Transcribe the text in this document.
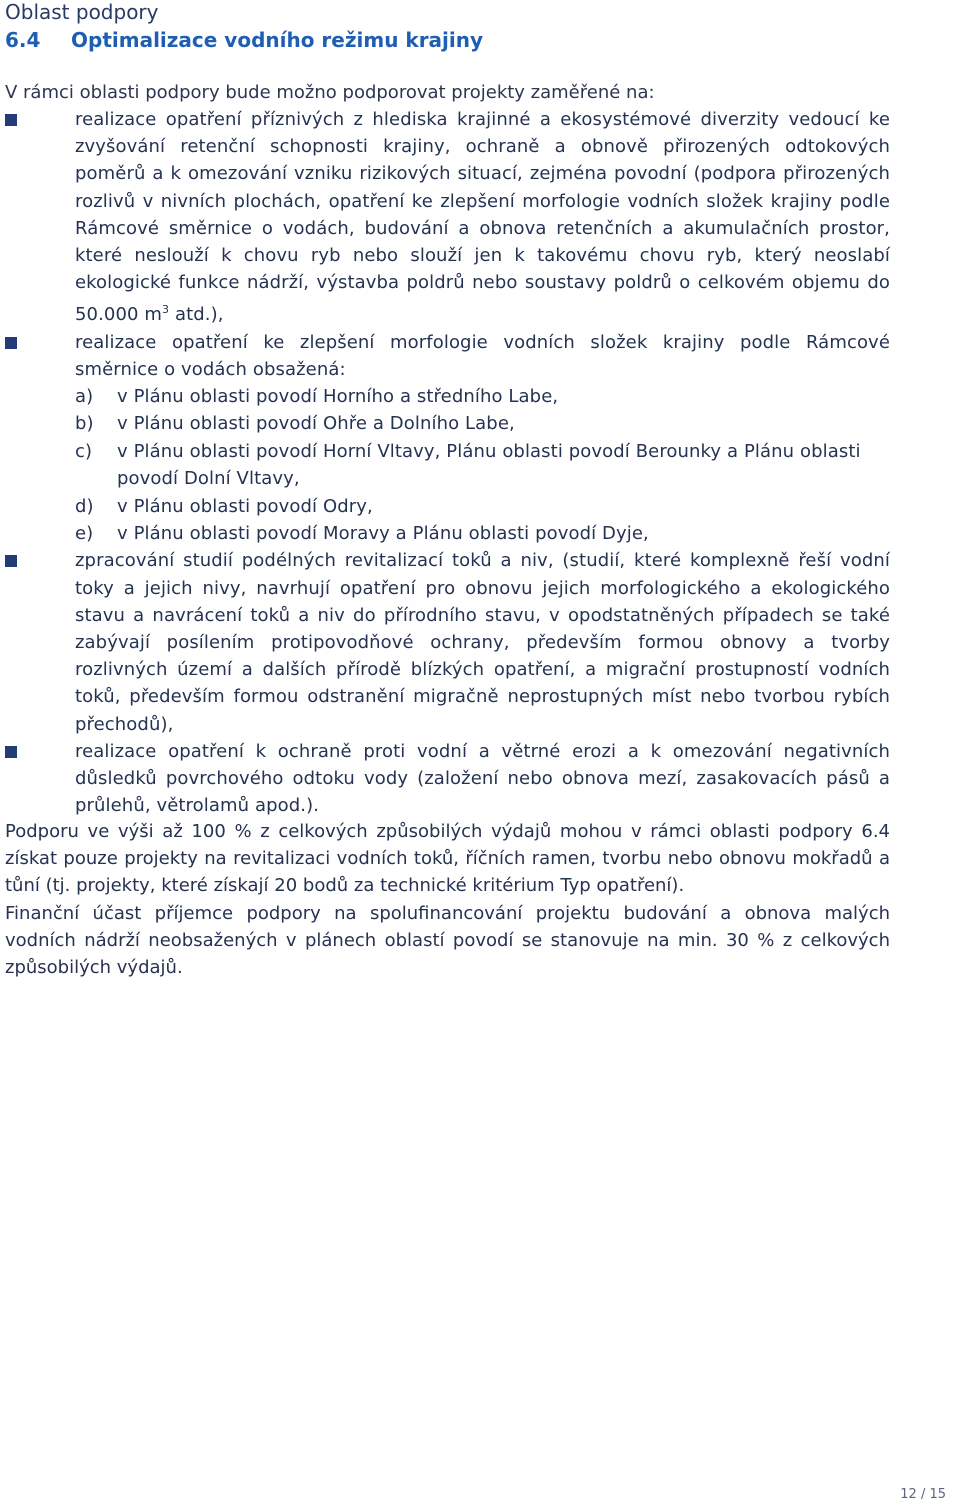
Oblast podpory

6.4	Optimalizace vodního režimu krajiny

V rámci oblasti podpory bude možno podporovat projekty zaměřené na:

realizace opatření příznivých z hlediska krajinné a ekosystémové diverzity vedoucí ke zvyšování retenční schopnosti krajiny, ochraně a obnově přirozených odtokových poměrů a k omezování vzniku rizikových situací, zejména povodní (podpora přirozených rozlivů v nivních plochách, opatření ke zlepšení morfologie vodních složek krajiny podle Rámcové směrnice o vodách, budování a obnova retenčních a akumulačních prostor, které neslouží k chovu ryb nebo slouží jen k takovému chovu ryb, který neoslabí ekologické funkce nádrží, výstavba poldrů nebo soustavy poldrů o celkovém objemu do 50.000 $m^3$ atd.),
realizace opatření ke zlepšení morfologie vodních složek krajiny podle Rámcové směrnice o vodách obsažená:
a) v Plánu oblasti povodí Horního a středního Labe,
b) v Plánu oblasti povodí Ohře a Dolního Labe,
c) v Plánu oblasti povodí Horní Vltavy, Plánu oblasti povodí Berounky a Plánu oblasti povodí Dolní Vltavy,
d) v Plánu oblasti povodí Odry,
e) v Plánu oblasti povodí Moravy a Plánu oblasti povodí Dyje,
zpracování studií podélných revitalizací toků a niv, (studií, které komplexně řeší vodní toky a jejich nivy, navrhují opatření pro obnovu jejich morfologického a ekologického stavu a navrácení toků a niv do přírodního stavu, v opodstatněných případech se také zabývají posílením protipovodňové ochrany, především formou obnovy a tvorby rozlivných území a dalších přírodě blízkých opatření, a migrační prostupností vodních toků, především formou odstranění migračně neprostupných míst nebo tvorbou rybích přechodů),
realizace opatření k ochraně proti vodní a větrné erozi a k omezování negativních důsledků povrchového odtoku vody (založení nebo obnova mezí, zasakovacích pásů a průlehů, větrolamů apod.).

Podporu ve výši až 100 % z celkových způsobilých výdajů mohou v rámci oblasti podpory 6.4 získat pouze projekty na revitalizaci vodních toků, říčních ramen, tvorbu nebo obnovu mokřadů a tůní (tj. projekty, které získají 20 bodů za technické kritérium Typ opatření).

Finanční účast příjemce podpory na spolufinancování projektu budování a obnova malých vodních nádrží neobsažených v plánech oblastí povodí se stanovuje na min. 30 % z celkových způsobilých výdajů.

12 / 15
